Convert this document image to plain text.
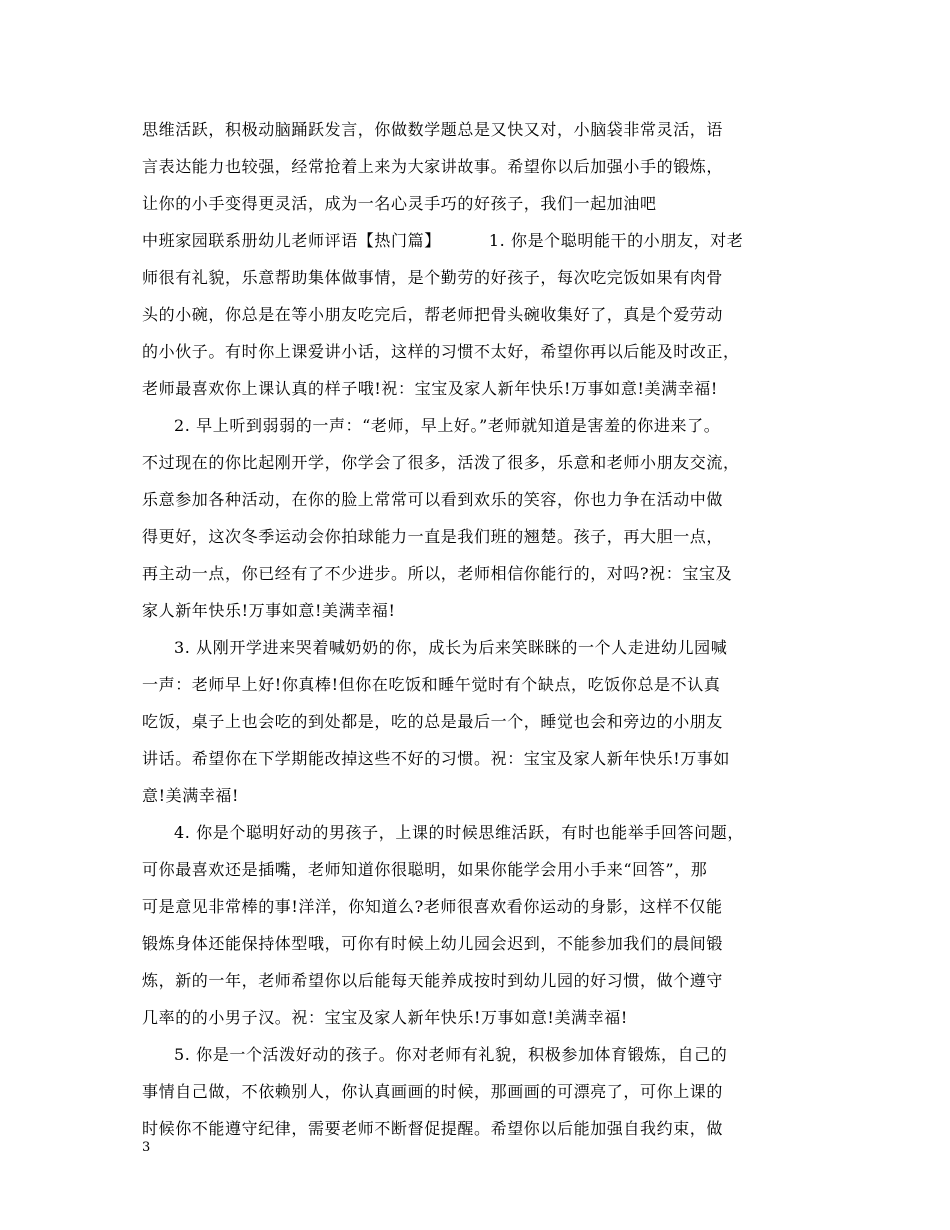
思维活跃，积极动脑踊跃发言，你做数学题总是又快又对，小脑袋非常灵活，语
言表达能力也较强，经常抢着上来为大家讲故事。希望你以后加强小手的锻炼，
让你的小手变得更灵活，成为一名心灵手巧的好孩子，我们一起加油吧
中班家园联系册幼儿老师评语【热门篇】	1. 你是个聪明能干的小朋友，对老
师很有礼貌，乐意帮助集体做事情，是个勤劳的好孩子，每次吃完饭如果有肉骨
头的小碗，你总是在等小朋友吃完后，帮老师把骨头碗收集好了，真是个爱劳动
的小伙子。有时你上课爱讲小话，这样的习惯不太好，希望你再以后能及时改正，
老师最喜欢你上课认真的样子哦!祝：宝宝及家人新年快乐!万事如意!美满幸福!
2. 早上听到弱弱的一声：“老师，早上好。”老师就知道是害羞的你进来了。
不过现在的你比起刚开学，你学会了很多，活泼了很多，乐意和老师小朋友交流，
乐意参加各种活动，在你的脸上常常可以看到欢乐的笑容，你也力争在活动中做
得更好，这次冬季运动会你拍球能力一直是我们班的翘楚。孩子，再大胆一点，
再主动一点，你已经有了不少进步。所以，老师相信你能行的，对吗?祝：宝宝及
家人新年快乐!万事如意!美满幸福!
3. 从刚开学进来哭着喊奶奶的你，成长为后来笑眯眯的一个人走进幼儿园喊
一声：老师早上好!你真棒!但你在吃饭和睡午觉时有个缺点，吃饭你总是不认真
吃饭，桌子上也会吃的到处都是，吃的总是最后一个，睡觉也会和旁边的小朋友
讲话。希望你在下学期能改掉这些不好的习惯。祝：宝宝及家人新年快乐!万事如
意!美满幸福!
4. 你是个聪明好动的男孩子，上课的时候思维活跃，有时也能举手回答问题，
可你最喜欢还是插嘴，老师知道你很聪明，如果你能学会用小手来“回答”，那
可是意见非常棒的事!洋洋，你知道么?老师很喜欢看你运动的身影，这样不仅能
锻炼身体还能保持体型哦，可你有时候上幼儿园会迟到，不能参加我们的晨间锻
炼，新的一年，老师希望你以后能每天能养成按时到幼儿园的好习惯，做个遵守
几率的的小男子汉。祝：宝宝及家人新年快乐!万事如意!美满幸福!
5. 你是一个活泼好动的孩子。你对老师有礼貌，积极参加体育锻炼，自己的
事情自己做，不依赖别人，你认真画画的时候，那画画的可漂亮了，可你上课的
时候你不能遵守纪律，需要老师不断督促提醒。希望你以后能加强自我约束，做
3
